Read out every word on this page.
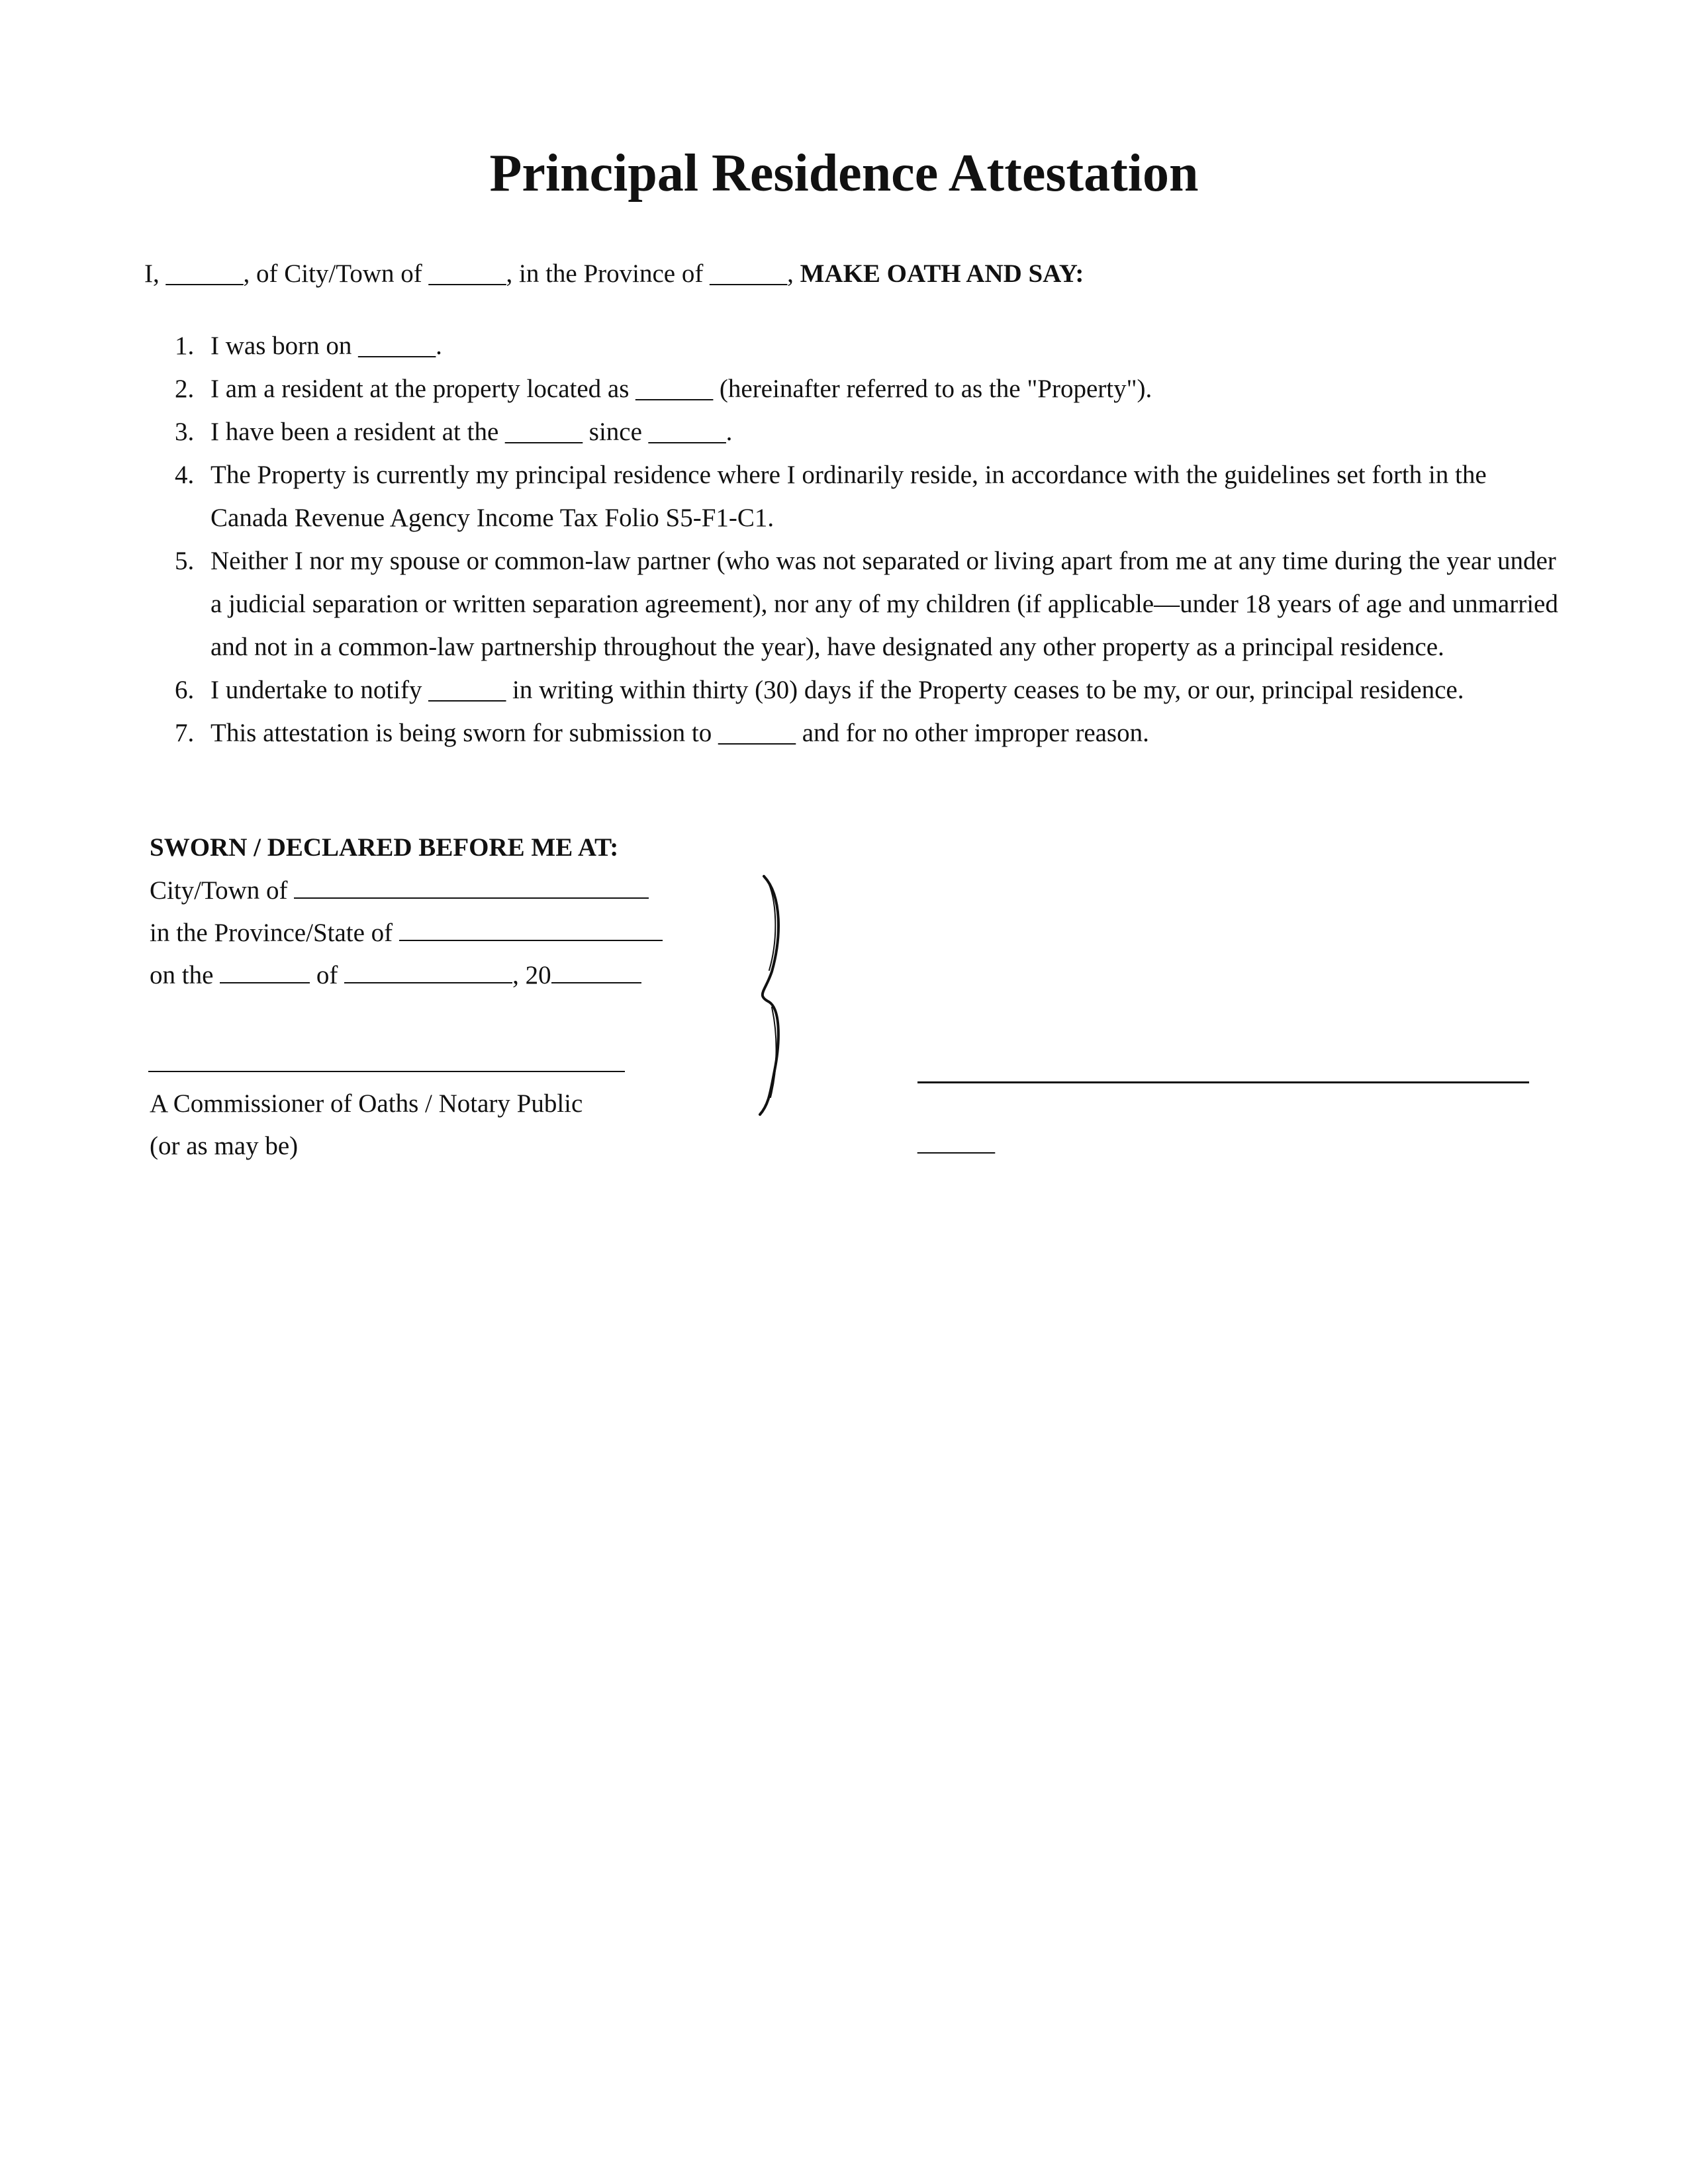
Principal Residence Attestation
I, ______, of City/Town of ______, in the Province of ______, MAKE OATH AND SAY:
1. I was born on ______.
2. I am a resident at the property located as ______ (hereinafter referred to as the "Property").
3. I have been a resident at the ______ since ______.
4. The Property is currently my principal residence where I ordinarily reside, in accordance with the guidelines set forth in the Canada Revenue Agency Income Tax Folio S5-F1-C1.
5. Neither I nor my spouse or common-law partner (who was not separated or living apart from me at any time during the year under a judicial separation or written separation agreement), nor any of my children (if applicable—under 18 years of age and unmarried and not in a common-law partnership throughout the year), have designated any other property as a principal residence.
6. I undertake to notify ______ in writing within thirty (30) days if the Property ceases to be my, or our, principal residence.
7. This attestation is being sworn for submission to ______ and for no other improper reason.
SWORN / DECLARED BEFORE ME AT:
City/Town of
in the Province/State of
on the	of	, 20
A Commissioner of Oaths / Notary Public
(or as may be)	______
